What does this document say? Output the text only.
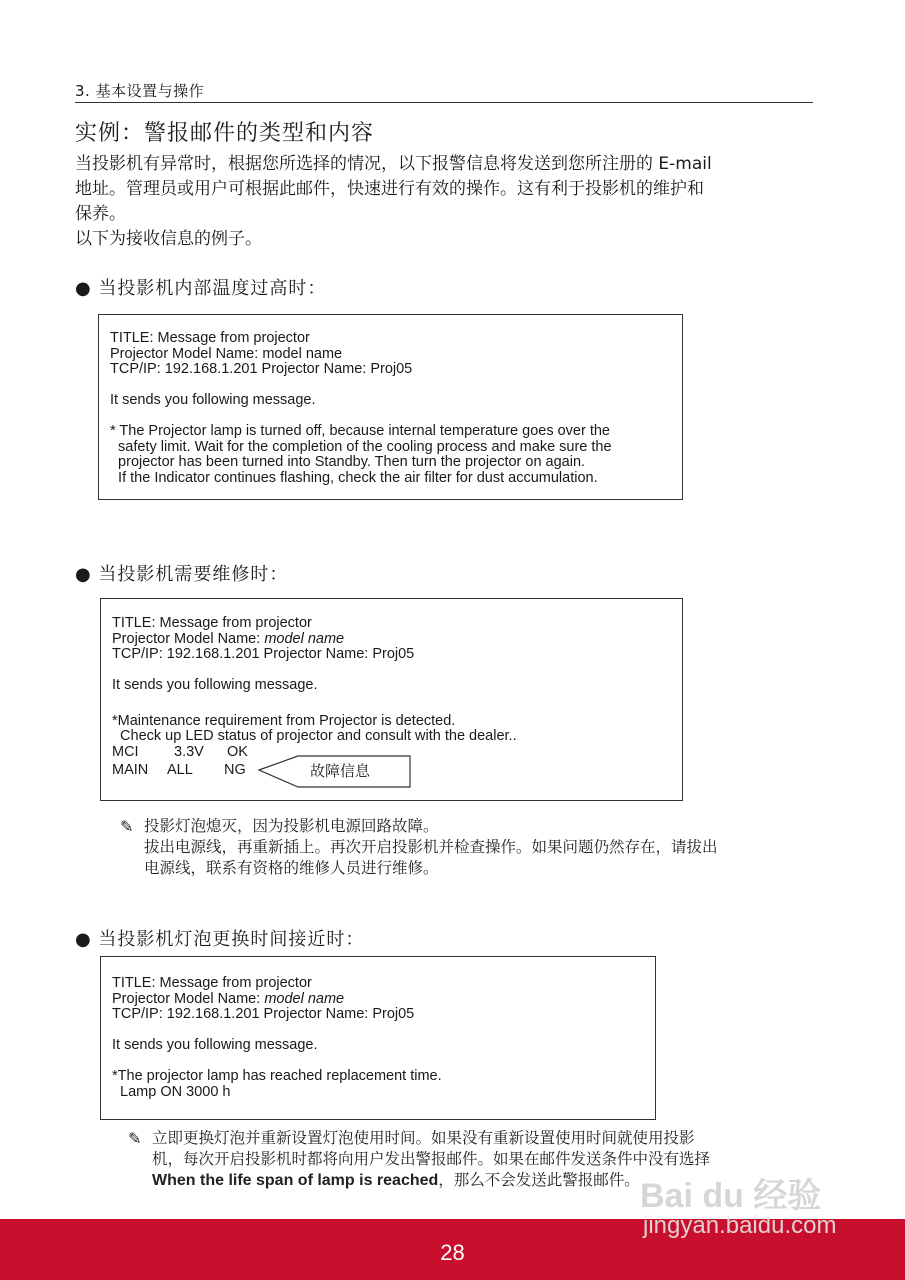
3. 基本设置与操作
实例：警报邮件的类型和内容

当投影机有异常时，根据您所选择的情况，以下报警信息将发送到您所注册的 E-mail

地址。管理员或用户可根据此邮件，快速进行有效的操作。这有利于投影机的维护和

保养。

以下为接收信息的例子。

● 当投影机内部温度过高时：
TITLE: Message from projector
Projector Model Name: model name
TCP/IP: 192.168.1.201 Projector Name: Proj05
It sends you following message.
* The Projector lamp is turned off, because internal temperature goes over the
safety limit. Wait for the completion of the cooling process and make sure the
projector has been turned into Standby. Then turn the projector on again.
If the Indicator continues flashing, check the air filter for dust accumulation.
● 当投影机需要维修时：
TITLE: Message from projector
Projector Model Name: model name
TCP/IP: 192.168.1.201 Projector Name: Proj05
It sends you following message.
*Maintenance requirement from Projector is detected.
Check up LED status of projector and consult with the dealer..
MCI 3.3V OK
MAIN ALL NG	故障信息
✎ 投影灯泡熄灭，因为投影机电源回路故障。
拔出电源线，再重新插上。再次开启投影机并检查操作。如果问题仍然存在，请拔出
电源线，联系有资格的维修人员进行维修。
● 当投影机灯泡更换时间接近时：
TITLE: Message from projector
Projector Model Name: model name
TCP/IP: 192.168.1.201 Projector Name: Proj05
It sends you following message.
*The projector lamp has reached replacement time.
Lamp ON 3000 h
✎ 立即更换灯泡并重新设置灯泡使用时间。如果没有重新设置使用时间就使用投影
机，每次开启投影机时都将向用户发出警报邮件。如果在邮件发送条件中没有选择
When the life span of lamp is reached，那么不会发送此警报邮件。 Bai du 经验
jingyan.baidu.com
28
